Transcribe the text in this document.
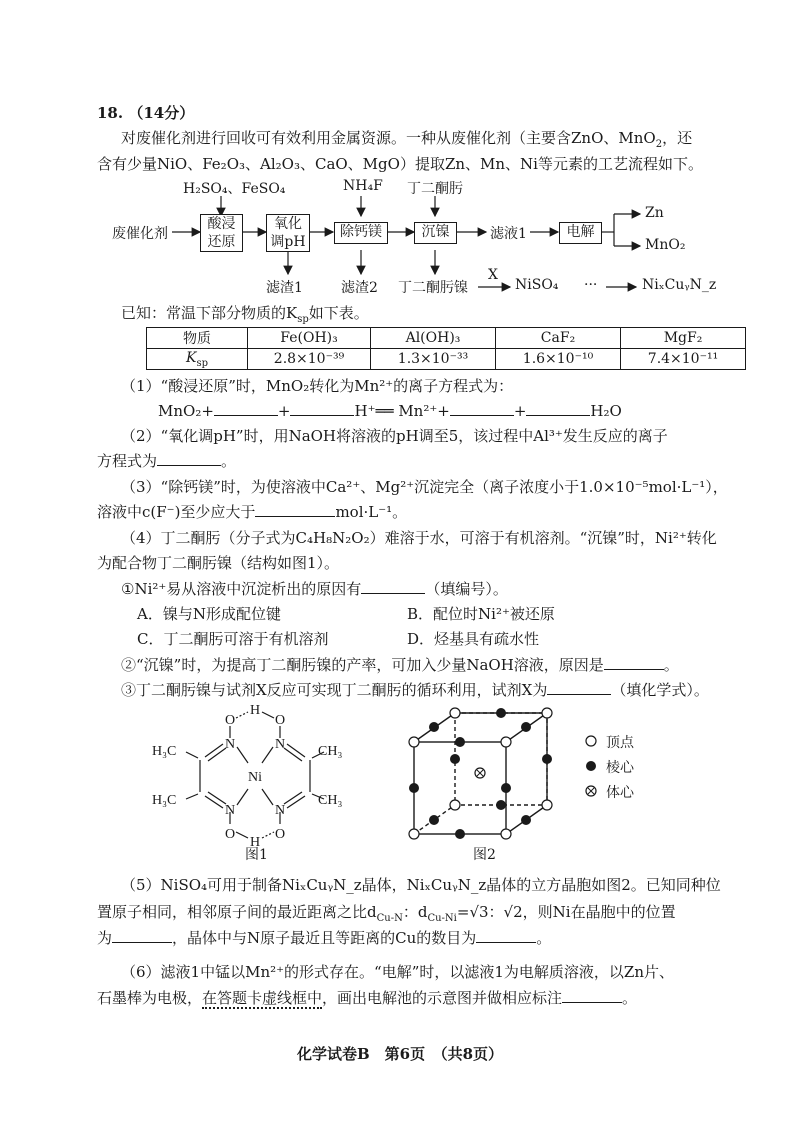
18. （14分）
对废催化剂进行回收可有效利用金属资源。一种从废催化剂（主要含ZnO、MnO$_2$，还
含有少量NiO、Fe₂O₃、Al₂O₃、CaO、MgO）提取Zn、Mn、Ni等元素的工艺流程如下。
H₂SO₄、FeSO₄	NH₄F 丁二酮肟
废催化剂
酸浸
还原
氧化
调pH
除钙镁	沉镍	滤液1	电解
Zn
MnO₂
滤渣1	滤渣2 丁二酮肟镍
X
NiSO₄ ···	NiₓCuᵧN_z
已知：常温下部分物质的$K_{sp}$如下表。
物质	Fe(OH)₃	Al(OH)₃	CaF₂	MgF₂
$K_{sp}$	2.8×10⁻³⁹	1.3×10⁻³³	1.6×10⁻¹⁰	7.4×10⁻¹¹
（1）“酸浸还原”时，MnO₂转化为Mn²⁺的离子方程式为：
MnO₂+	+	H⁺══ Mn²⁺+	+	H₂O
（2）“氧化调pH”时，用NaOH将溶液的pH调至5，该过程中Al³⁺发生反应的离子
方程式为	。
（3）“除钙镁”时，为使溶液中Ca²⁺、Mg²⁺沉淀完全（离子浓度小于1.0×10⁻⁵mol·L⁻¹），
溶液中c(F⁻)至少应大于	mol·L⁻¹。
（4）丁二酮肟（分子式为C₄H₈N₂O₂）难溶于水，可溶于有机溶剂。“沉镍”时，Ni²⁺转化
为配合物丁二酮肟镍（结构如图1）。
①Ni²⁺易从溶液中沉淀析出的原因有	（填编号）。
A．镍与N形成配位键	B．配位时Ni²⁺被还原
C．丁二酮肟可溶于有机溶剂	D．烃基具有疏水性
②“沉镍”时，为提高丁二酮肟镍的产率，可加入少量NaOH溶液，原因是	。
③丁二酮肟镍与试剂X反应可实现丁二酮肟的循环利用，试剂X为	（填化学式）。
Ni
N	N
N	N
O	O
O	O
H
H
H₃C
H₃C
CH₃
CH₃
图1	图2
顶点
棱心
体心
（5）NiSO₄可用于制备NiₓCuᵧN_z晶体，NiₓCuᵧN_z晶体的立方晶胞如图2。已知同种位
置原子相同，相邻原子间的最近距离之比$d_{Cu-N}$：$d_{Cu-Ni}=√3$：√2，则Ni在晶胞中的位置
为	，晶体中与N原子最近且等距离的Cu的数目为	。
（6）滤液1中锰以Mn²⁺的形式存在。“电解”时，以滤液1为电解质溶液，以Zn片、
石墨棒为电极，在答题卡虚线框中，画出电解池的示意图并做相应标注	。
化学试卷B　第6页　（共8页）
